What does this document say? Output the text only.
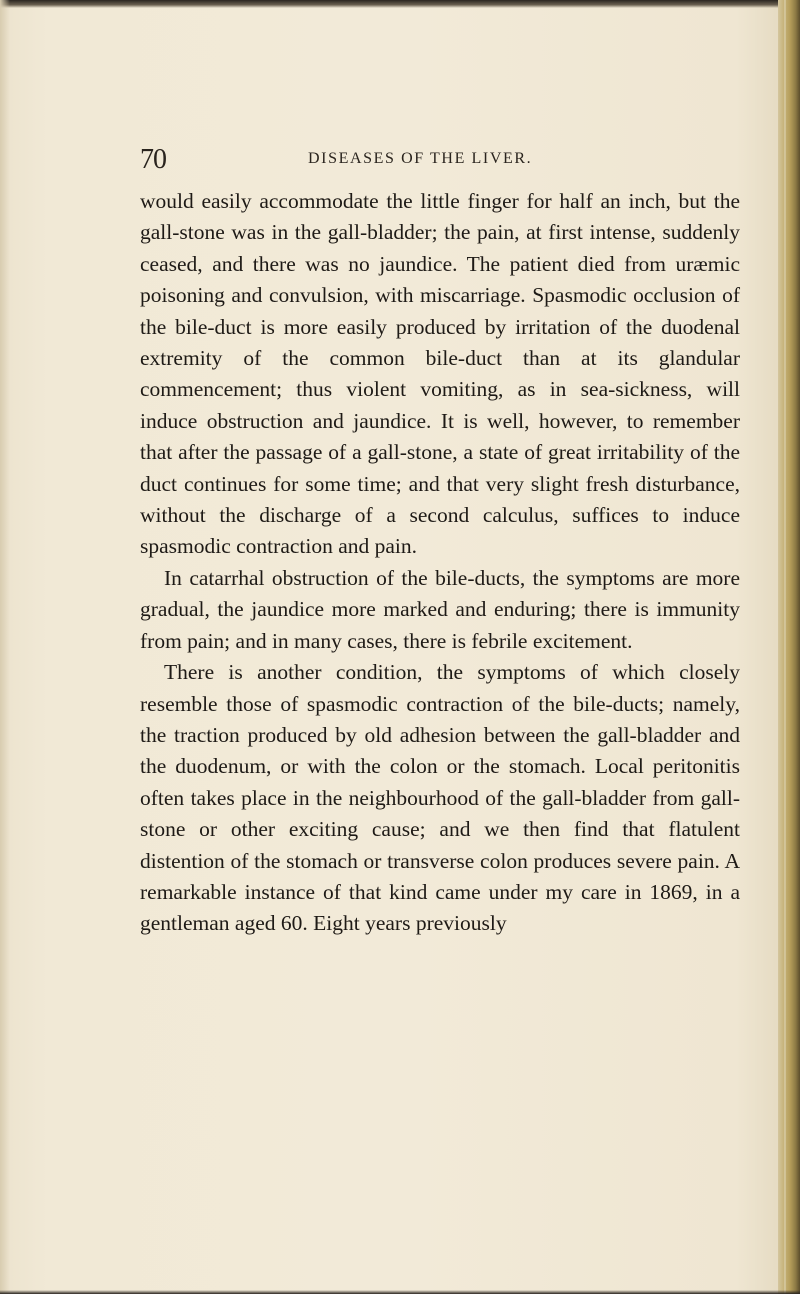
70	DISEASES OF THE LIVER.

would easily accommodate the little finger for half an inch, but the gall-stone was in the gall-bladder; the pain, at first intense, suddenly ceased, and there was no jaundice. The patient died from uræmic poisoning and convulsion, with miscarriage. Spasmodic occlusion of the bile-duct is more easily produced by irritation of the duodenal extremity of the common bile-duct than at its glandular commencement; thus violent vomiting, as in sea-sickness, will induce obstruction and jaundice. It is well, however, to remember that after the passage of a gall-stone, a state of great irritability of the duct continues for some time; and that very slight fresh disturbance, without the discharge of a second calculus, suffices to induce spasmodic contraction and pain.

In catarrhal obstruction of the bile-ducts, the symptoms are more gradual, the jaundice more marked and enduring; there is immunity from pain; and in many cases, there is febrile excitement.

There is another condition, the symptoms of which closely resemble those of spasmodic contraction of the bile-ducts; namely, the traction produced by old adhesion between the gall-bladder and the duodenum, or with the colon or the stomach. Local peritonitis often takes place in the neighbourhood of the gall-bladder from gall-stone or other exciting cause; and we then find that flatulent distention of the stomach or transverse colon produces severe pain. A remarkable instance of that kind came under my care in 1869, in a gentleman aged 60. Eight years previously
